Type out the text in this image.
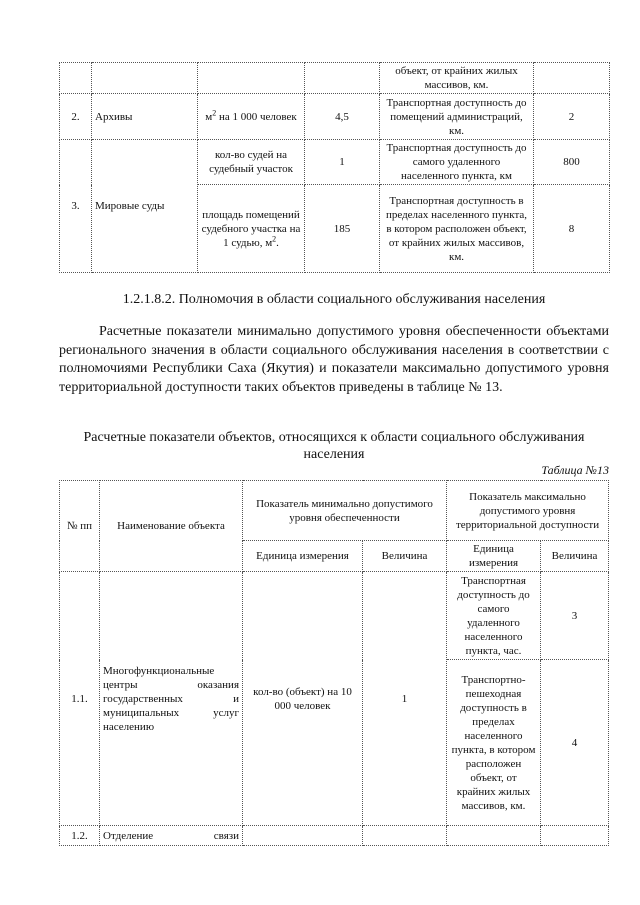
				объект, от крайних жилых массивов, км.	
2.	Архивы	$м^2$ на 1 000 человек	4,5	Транспортная доступность до помещений администраций, км.	2
3.	Мировые суды	кол-во судей на судебный участок	1	Транспортная доступность до самого удаленного населенного пункта, км	800
		площадь помещений судебного участка на 1 судью, $м^2$.	185	Транспортная доступность в пределах населенного пункта, в котором расположен объект, от крайних жилых массивов, км.	8
1.2.1.8.2. Полномочия в области социального обслуживания населения
Расчетные показатели минимально допустимого уровня обеспеченности объектами регионального значения в области социального обслуживания населения в соответствии с полномочиями Республики Саха (Якутия) и показатели максимально допустимого уровня территориальной доступности таких объектов приведены в таблице № 13.
Расчетные показатели объектов, относящихся к области социального обслуживания населения
Таблица №13
№ пп	Наименование объекта	Показатель минимально допустимого уровня обеспеченности		Показатель максимально допустимого уровня территориальной доступности	
		Единица измерения	Величина	Единица измерения	Величина
1.1.	Многофункциональные центры оказания государственных и муниципальных услуг населению	кол-во (объект) на 10 000 человек	1	Транспортная доступность до самого удаленного населенного пункта, час.	3
				Транспортно-пешеходная доступность в пределах населенного пункта, в котором расположен объект, от крайних жилых массивов, км.	4
1.2.	Отделение связи				
